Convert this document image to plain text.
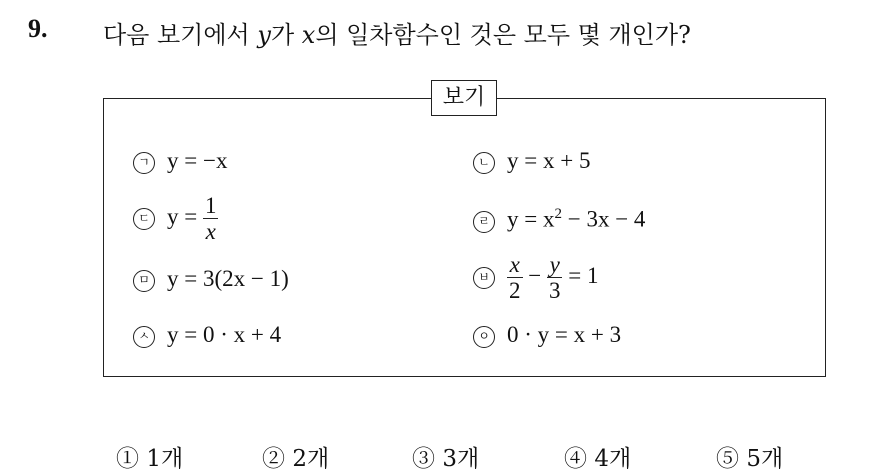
9. 다음 보기에서 y가 x의 일차함수인 것은 모두 몇 개인가?
보기
ㄱ y = −x
ㄷ $y = \frac{1}{x}$
ㅁ y = 3(2x − 1)
ㅅ y = 0 · x + 4
ㄴ y = x + 5
ㄹ $y = x^2 - 3x - 4$
ㅂ $\frac{x}{2} - \frac{y}{3} = 1$
ㅇ 0 · y = x + 3
① 1개	② 2개	③ 3개	④ 4개	⑤ 5개
